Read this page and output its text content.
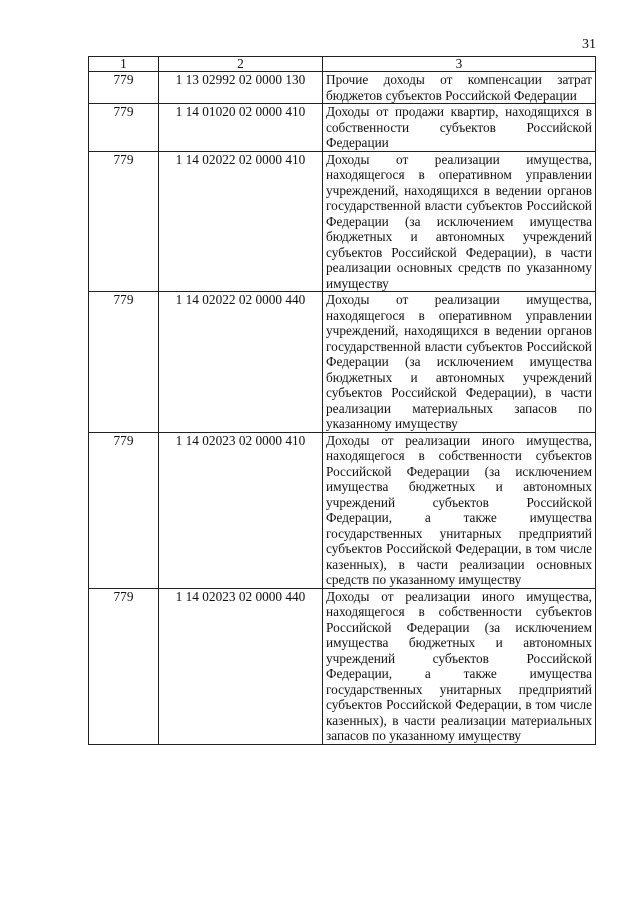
31
1	2	3
779	1 13 02992 02 0000 130	Прочие доходы от компенсации затрат бюджетов субъектов Российской Федерации
779	1 14 01020 02 0000 410	Доходы от продажи квартир, находящихся в собственности субъектов Российской Федерации
779	1 14 02022 02 0000 410	Доходы от реализации имущества, находящегося в оперативном управлении учреждений, находящихся в ведении органов государственной власти субъектов Российской Федерации (за исключением имущества бюджетных и автономных учреждений субъектов Российской Федерации), в части реализации основных средств по указанному имуществу
779	1 14 02022 02 0000 440	Доходы от реализации имущества, находящегося в оперативном управлении учреждений, находящихся в ведении органов государственной власти субъектов Российской Федерации (за исключением имущества бюджетных и автономных учреждений субъектов Российской Федерации), в части реализации материальных запасов по указанному имуществу
779	1 14 02023 02 0000 410	Доходы от реализации иного имущества, находящегося в собственности субъектов Российской Федерации (за исключением имущества бюджетных и автономных учреждений субъектов Российской Федерации, а также имущества государственных унитарных предприятий субъектов Российской Федерации, в том числе казенных), в части реализации основных средств по указанному имуществу
779	1 14 02023 02 0000 440	Доходы от реализации иного имущества, находящегося в собственности субъектов Российской Федерации (за исключением имущества бюджетных и автономных учреждений субъектов Российской Федерации, а также имущества государственных унитарных предприятий субъектов Российской Федерации, в том числе казенных), в части реализации материальных запасов по указанному имуществу
